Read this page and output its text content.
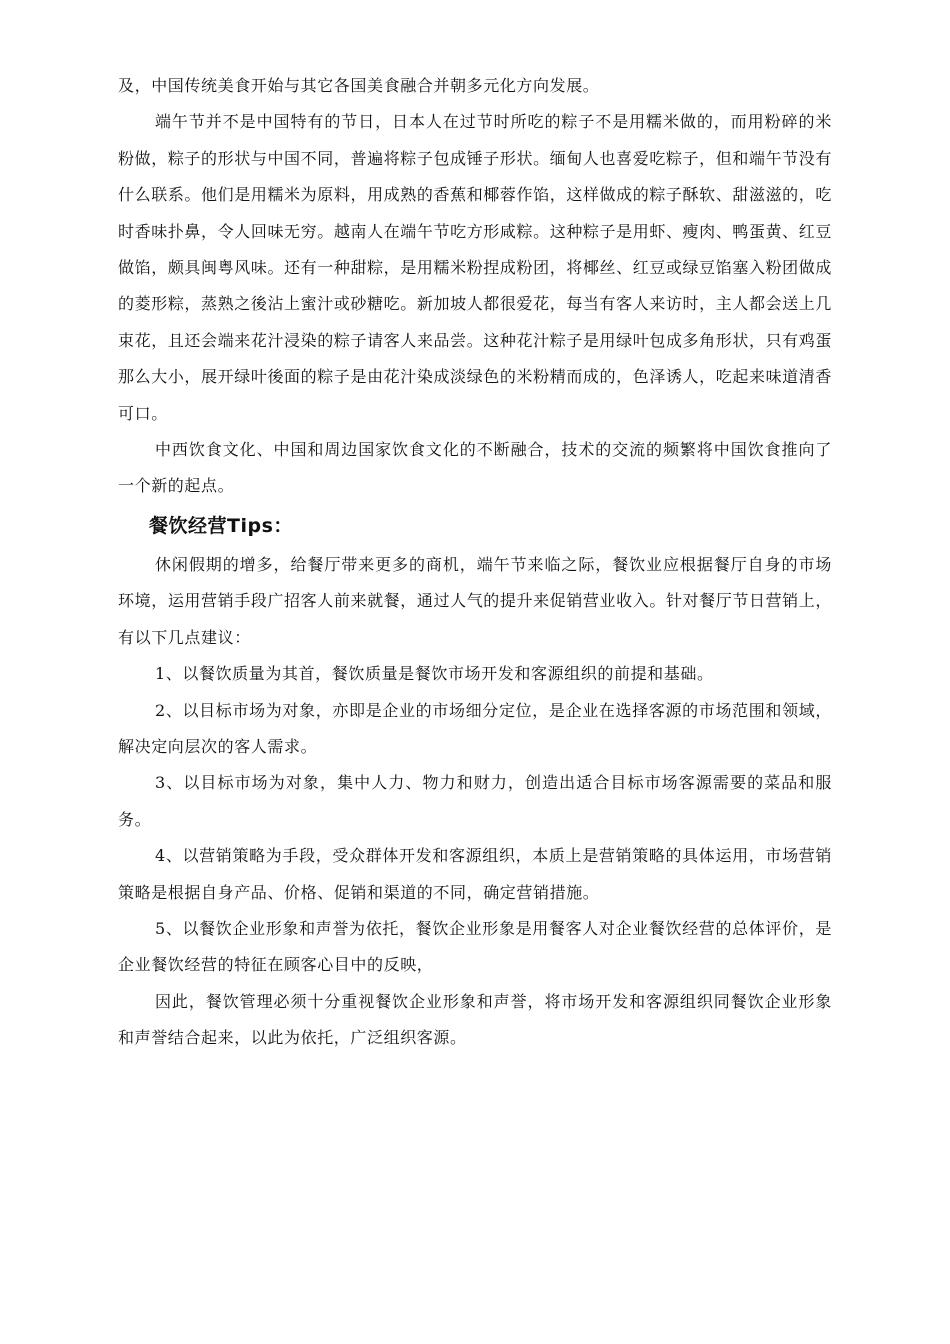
及，中国传统美食开始与其它各国美食融合并朝多元化方向发展。

端午节并不是中国特有的节日，日本人在过节时所吃的粽子不是用糯米做的，而用粉碎的米粉做，粽子的形状与中国不同，普遍将粽子包成锤子形状。缅甸人也喜爱吃粽子，但和端午节没有什么联系。他们是用糯米为原料，用成熟的香蕉和椰蓉作馅，这样做成的粽子酥软、甜滋滋的，吃时香味扑鼻，令人回味无穷。越南人在端午节吃方形咸粽。这种粽子是用虾、瘦肉、鸭蛋黄、红豆做馅，颇具闽粤风味。还有一种甜粽，是用糯米粉捏成粉团，将椰丝、红豆或绿豆馅塞入粉团做成的菱形粽，蒸熟之後沾上蜜汁或砂糖吃。新加坡人都很爱花，每当有客人来访时，主人都会送上几束花，且还会端来花汁浸染的粽子请客人来品尝。这种花汁粽子是用绿叶包成多角形状，只有鸡蛋那么大小，展开绿叶後面的粽子是由花汁染成淡绿色的米粉精而成的，色泽诱人，吃起来味道清香可口。

中西饮食文化、中国和周边国家饮食文化的不断融合，技术的交流的频繁将中国饮食推向了一个新的起点。

餐饮经营Tips：

休闲假期的增多，给餐厅带来更多的商机，端午节来临之际，餐饮业应根据餐厅自身的市场环境，运用营销手段广招客人前来就餐，通过人气的提升来促销营业收入。针对餐厅节日营销上，有以下几点建议：

1、以餐饮质量为其首，餐饮质量是餐饮市场开发和客源组织的前提和基础。

2、以目标市场为对象，亦即是企业的市场细分定位，是企业在选择客源的市场范围和领域，解决定向层次的客人需求。

3、以目标市场为对象，集中人力、物力和财力，创造出适合目标市场客源需要的菜品和服务。

4、以营销策略为手段，受众群体开发和客源组织，本质上是营销策略的具体运用，市场营销策略是根据自身产品、价格、促销和渠道的不同，确定营销措施。

5、以餐饮企业形象和声誉为依托，餐饮企业形象是用餐客人对企业餐饮经营的总体评价，是企业餐饮经营的特征在顾客心目中的反映，

因此，餐饮管理必须十分重视餐饮企业形象和声誉，将市场开发和客源组织同餐饮企业形象和声誉结合起来，以此为依托，广泛组织客源。
